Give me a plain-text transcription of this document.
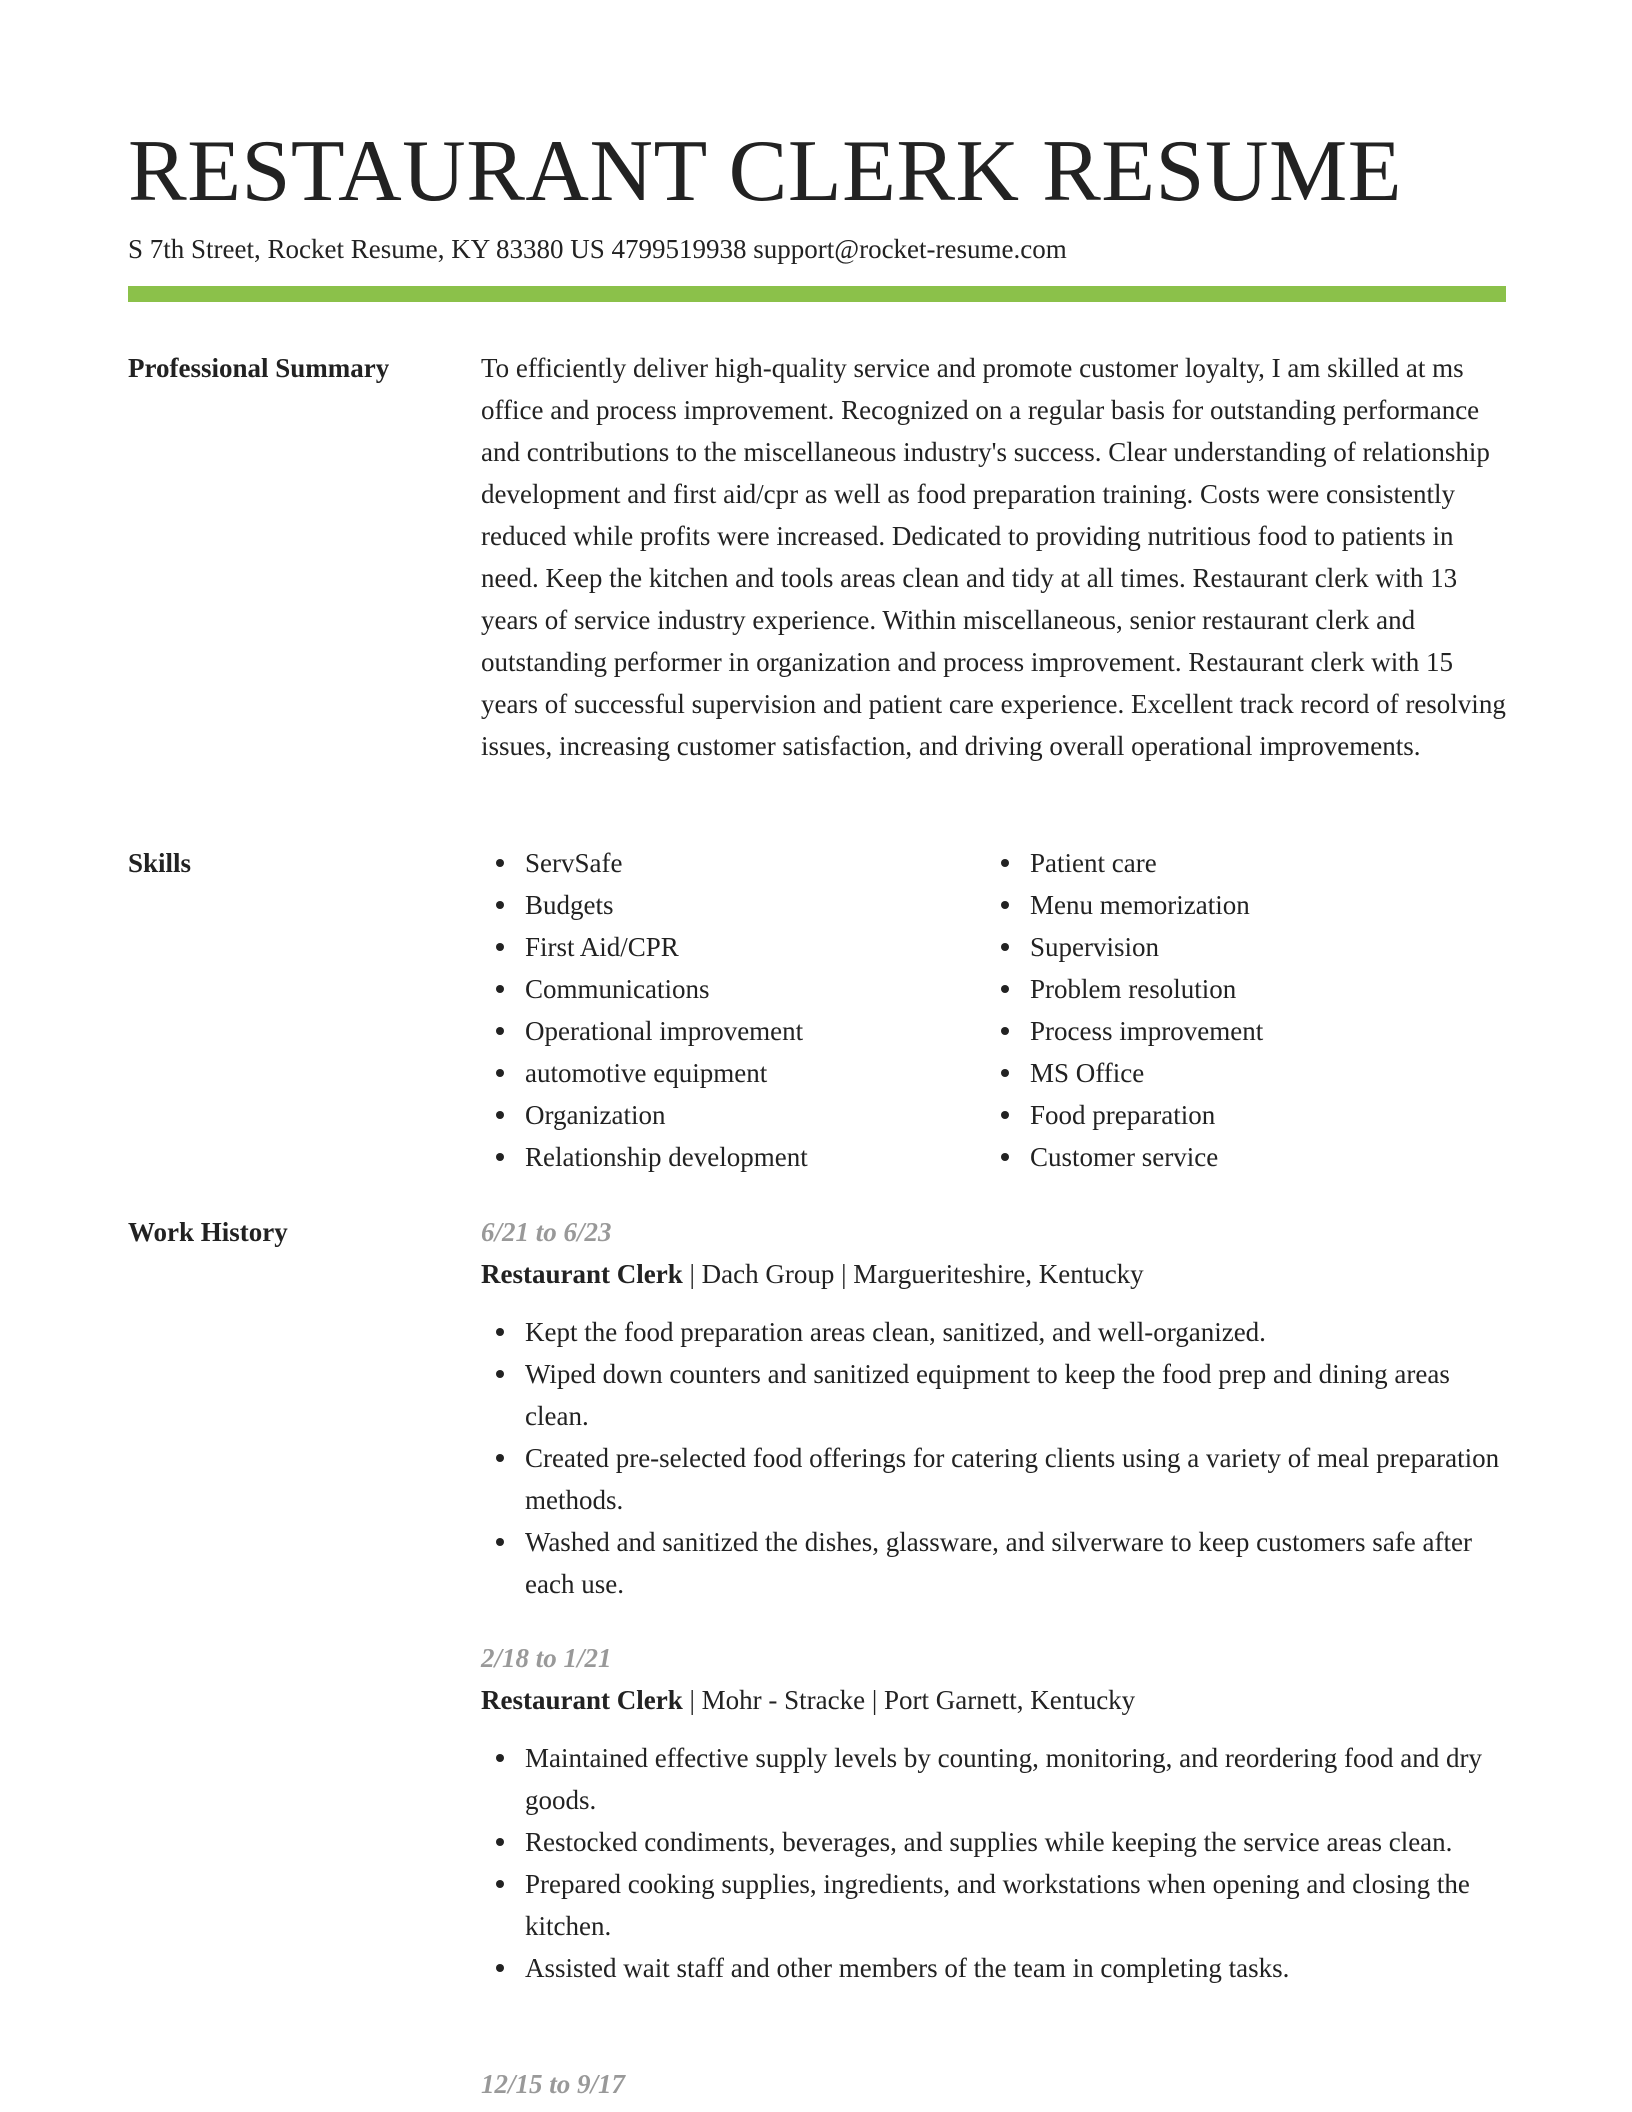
RESTAURANT CLERK RESUME
S 7th Street, Rocket Resume, KY 83380 US 4799519938 support@rocket-resume.com
Professional Summary	To efficiently deliver high-quality service and promote customer loyalty, I am skilled at ms office and process improvement. Recognized on a regular basis for outstanding performance and contributions to the miscellaneous industry's success. Clear understanding of relationship development and first aid/cpr as well as food preparation training. Costs were consistently reduced while profits were increased. Dedicated to providing nutritious food to patients in need. Keep the kitchen and tools areas clean and tidy at all times. Restaurant clerk with 13 years of service industry experience. Within miscellaneous, senior restaurant clerk and outstanding performer in organization and process improvement. Restaurant clerk with 15 years of successful supervision and patient care experience. Excellent track record of resolving issues, increasing customer satisfaction, and driving overall operational improvements.

Skills	ServSafe
Budgets
First Aid/CPR
Communications
Operational improvement
automotive equipment
Organization
Relationship development
Patient care
Menu memorization
Supervision
Problem resolution
Process improvement
MS Office
Food preparation
Customer service
Work History	6/21 to 6/23
Restaurant Clerk | Dach Group | Margueriteshire, Kentucky
Kept the food preparation areas clean, sanitized, and well-organized.
Wiped down counters and sanitized equipment to keep the food prep and dining areas clean.
Created pre-selected food offerings for catering clients using a variety of meal preparation methods.
Washed and sanitized the dishes, glassware, and silverware to keep customers safe after each use.
2/18 to 1/21
Restaurant Clerk | Mohr - Stracke | Port Garnett, Kentucky
Maintained effective supply levels by counting, monitoring, and reordering food and dry goods.
Restocked condiments, beverages, and supplies while keeping the service areas clean.
Prepared cooking supplies, ingredients, and workstations when opening and closing the kitchen.
Assisted wait staff and other members of the team in completing tasks.
12/15 to 9/17
